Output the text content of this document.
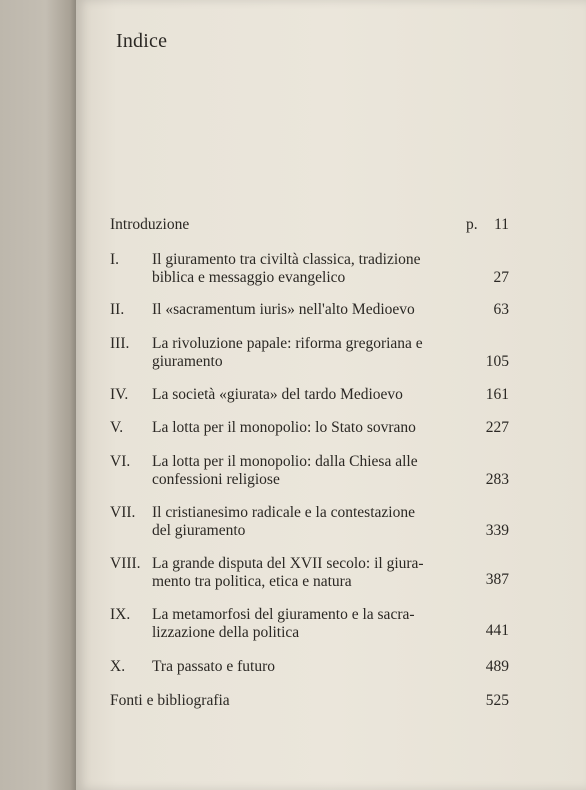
Indice
Introduzione	p.	11
I. Il giuramento tra civiltà classica, tradizione
biblica e messaggio evangelico	27
II. Il «sacramentum iuris» nell'alto Medioevo	63
III. La rivoluzione papale: riforma gregoriana e
giuramento	105
IV. La società «giurata» del tardo Medioevo	161
V. La lotta per il monopolio: lo Stato sovrano	227
VI. La lotta per il monopolio: dalla Chiesa alle
confessioni religiose	283
VII. Il cristianesimo radicale e la contestazione
del giuramento	339
VIII. La grande disputa del XVII secolo: il giura-
mento tra politica, etica e natura	387
IX. La metamorfosi del giuramento e la sacra-
lizzazione della politica	441
X. Tra passato e futuro	489
Fonti e bibliografia	525
